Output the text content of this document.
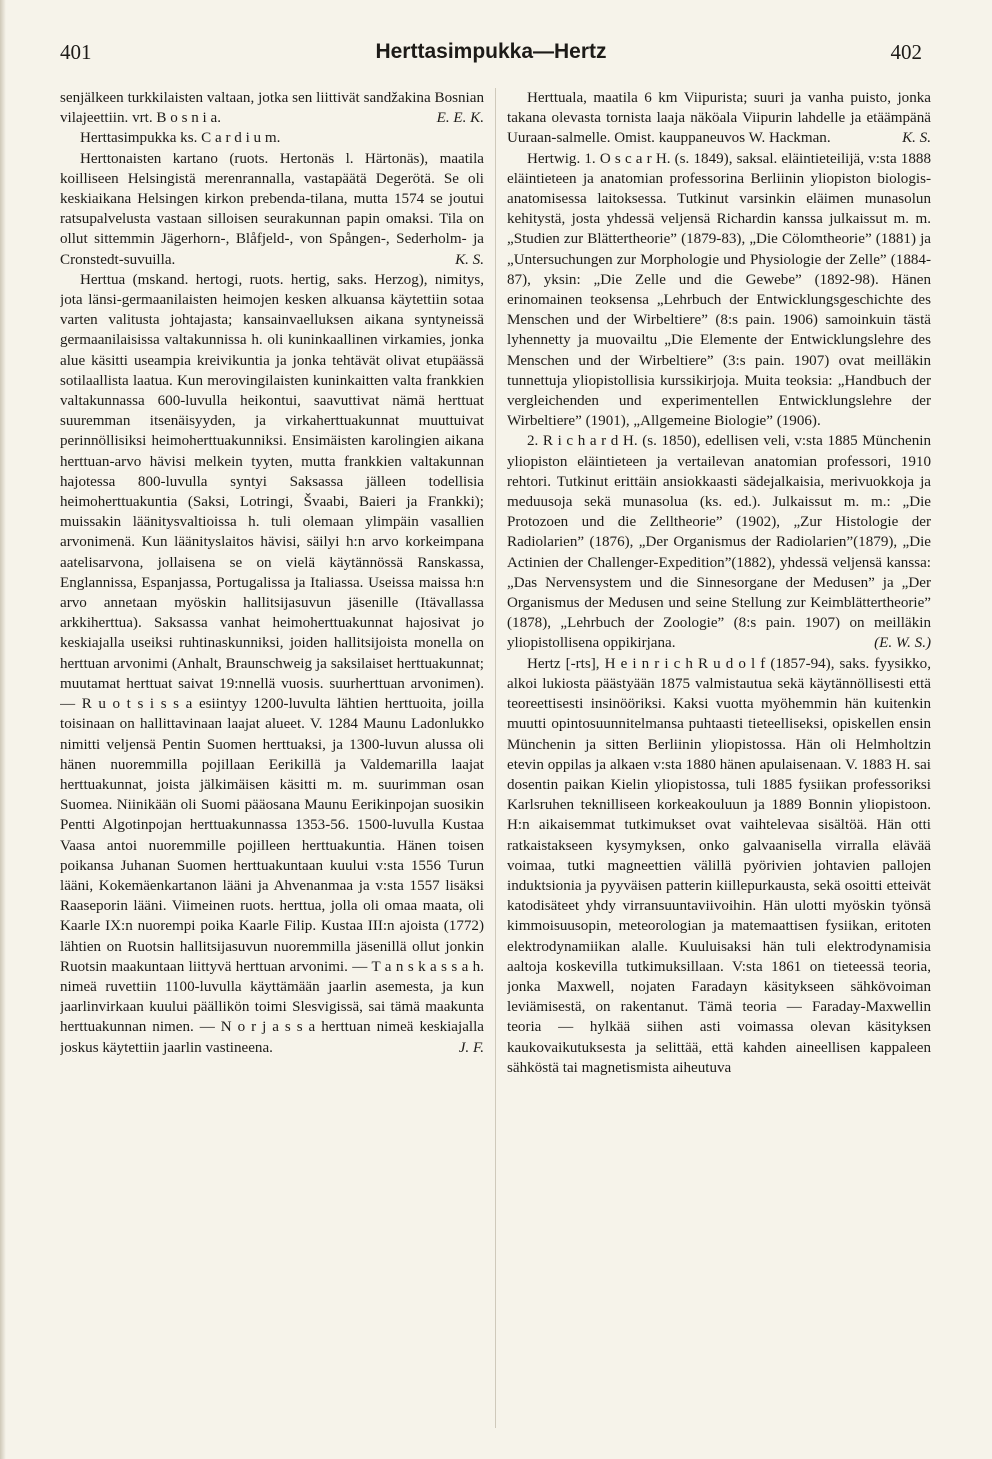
401	Herttasimpukka—Hertz	402

senjälkeen turkkilaisten valtaan, jotka sen liittivät sandžakina Bosnian vilajeettiin. vrt. B o s n i a.	E. E. K.

Herttasimpukka ks. C a r d i u m.

Herttonaisten kartano (ruots. Hertonäs l. Härtonäs), maatila koilliseen Helsingistä merenrannalla, vastapäätä Degerötä. Se oli keskiaikana Helsingen kirkon prebenda-tilana, mutta 1574 se joutui ratsupalvelusta vastaan silloisen seurakunnan papin omaksi. Tila on ollut sittemmin Jägerhorn-, Blåfjeld-, von Spången-, Sederholm- ja Cronstedt-suvuilla.	K. S.

Herttua (mskand. hertogi, ruots. hertig, saks. Herzog), nimitys, jota länsi-germaanilaisten heimojen kesken alkuansa käytettiin sotaa varten valitusta johtajasta; kansainvaelluksen aikana syntyneissä germaanilaisissa valtakunnissa h. oli kuninkaallinen virkamies, jonka alue käsitti useampia kreivikuntia ja jonka tehtävät olivat etupäässä sotilaallista laatua. Kun merovingilaisten kuninkaitten valta frankkien valtakunnassa 600-luvulla heikontui, saavuttivat nämä herttuat suuremman itsenäisyyden, ja virkaherttuakunnat muuttuivat perinnöllisiksi heimoherttuakunniksi. Ensimäisten karolingien aikana herttuan-arvo hävisi melkein tyyten, mutta frankkien valtakunnan hajotessa 800-luvulla syntyi Saksassa jälleen todellisia heimoherttuakuntia (Saksi, Lotringi, Švaabi, Baieri ja Frankki); muissakin läänitysvaltioissa h. tuli olemaan ylimpäin vasallien arvonimenä. Kun läänityslaitos hävisi, säilyi h:n arvo korkeimpana aatelisarvona, jollaisena se on vielä käytännössä Ranskassa, Englannissa, Espanjassa, Portugalissa ja Italiassa. Useissa maissa h:n arvo annetaan myöskin hallitsijasuvun jäsenille (Itävallassa arkkiherttua). Saksassa vanhat heimoherttuakunnat hajosivat jo keskiajalla useiksi ruhtinaskunniksi, joiden hallitsijoista monella on herttuan arvonimi (Anhalt, Braunschweig ja saksilaiset herttuakunnat; muutamat herttuat saivat 19:nnellä vuosis. suurherttuan arvonimen). — R u o t s i s s a esiintyy 1200-luvulta lähtien herttuoita, joilla toisinaan on hallittavinaan laajat alueet. V. 1284 Maunu Ladonlukko nimitti veljensä Pentin Suomen herttuaksi, ja 1300-luvun alussa oli hänen nuoremmilla pojillaan Eerikillä ja Valdemarilla laajat herttuakunnat, joista jälkimäisen käsitti m. m. suurimman osan Suomea. Niinikään oli Suomi pääosana Maunu Eerikinpojan suosikin Pentti Algotinpojan herttuakunnassa 1353-56. 1500-luvulla Kustaa Vaasa antoi nuoremmille pojilleen herttuakuntia. Hänen toisen poikansa Juhanan Suomen herttuakuntaan kuului v:sta 1556 Turun lääni, Kokemäenkartanon lääni ja Ahvenanmaa ja v:sta 1557 lisäksi Raaseporin lääni. Viimeinen ruots. herttua, jolla oli omaa maata, oli Kaarle IX:n nuorempi poika Kaarle Filip. Kustaa III:n ajoista (1772) lähtien on Ruotsin hallitsijasuvun nuoremmilla jäsenillä ollut jonkin Ruotsin maakuntaan liittyvä herttuan arvonimi. — T a n s k a s s a h. nimeä ruvettiin 1100-luvulla käyttämään jaarlin asemesta, ja kun jaarlinvirkaan kuului päällikön toimi Slesvigissä, sai tämä maakunta herttuakunnan nimen. — N o r j a s s a herttuan nimeä keskiajalla joskus käytettiin jaarlin vastineena.	J. F.

Herttuala, maatila 6 km Viipurista; suuri ja vanha puisto, jonka takana olevasta tornista laaja näköala Viipurin lahdelle ja etäämpänä Uuraan-salmelle. Omist. kauppaneuvos W. Hackman.	K. S.

Hertwig. 1. O s c a r H. (s. 1849), saksal. eläintieteilijä, v:sta 1888 eläintieteen ja anatomian professorina Berliinin yliopiston biologis-anatomisessa laitoksessa. Tutkinut varsinkin eläimen munasolun kehitystä, josta yhdessä veljensä Richardin kanssa julkaissut m. m. „Studien zur Blättertheorie” (1879-83), „Die Cölomtheorie” (1881) ja „Untersuchungen zur Morphologie und Physiologie der Zelle” (1884-87), yksin: „Die Zelle und die Gewebe” (1892-98). Hänen erinomainen teoksensa „Lehrbuch der Entwicklungsgeschichte des Menschen und der Wirbeltiere” (8:s pain. 1906) samoinkuin tästä lyhennetty ja muovailtu „Die Elemente der Entwicklungslehre des Menschen und der Wirbeltiere” (3:s pain. 1907) ovat meilläkin tunnettuja yliopistollisia kurssikirjoja. Muita teoksia: „Handbuch der vergleichenden und experimentellen Entwicklungslehre der Wirbeltiere” (1901), „Allgemeine Biologie” (1906).

2. R i c h a r d H. (s. 1850), edellisen veli, v:sta 1885 Münchenin yliopiston eläintieteen ja vertailevan anatomian professori, 1910 rehtori. Tutkinut erittäin ansiokkaasti sädejalkaisia, merivuokkoja ja meduusoja sekä munasolua (ks. ed.). Julkaissut m. m.: „Die Protozoen und die Zelltheorie” (1902), „Zur Histologie der Radiolarien” (1876), „Der Organismus der Radiolarien”(1879), „Die Actinien der Challenger-Expedition”(1882), yhdessä veljensä kanssa: „Das Nervensystem und die Sinnesorgane der Medusen” ja „Der Organismus der Medusen und seine Stellung zur Keimblättertheorie” (1878), „Lehrbuch der Zoologie” (8:s pain. 1907) on meilläkin yliopistollisena oppikirjana.	(E. W. S.)

Hertz [-rts], H e i n r i c h R u d o l f (1857-94), saks. fyysikko, alkoi lukiosta päästyään 1875 valmistautua sekä käytännöllisesti että teoreettisesti insinööriksi. Kaksi vuotta myöhemmin hän kuitenkin muutti opintosuunnitelmansa puhtaasti tieteelliseksi, opiskellen ensin Münchenin ja sitten Berliinin yliopistossa. Hän oli Helmholtzin etevin oppilas ja alkaen v:sta 1880 hänen apulaisenaan. V. 1883 H. sai dosentin paikan Kielin yliopistossa, tuli 1885 fysiikan professoriksi Karlsruhen teknilliseen korkeakouluun ja 1889 Bonnin yliopistoon. H:n aikaisemmat tutkimukset ovat vaihtelevaa sisältöä. Hän otti ratkaistakseen kysymyksen, onko galvaanisella virralla elävää voimaa, tutki magneettien välillä pyörivien johtavien pallojen induktsionia ja pyyväisen patterin kiillepurkausta, sekä osoitti etteivät katodisäteet yhdy virransuuntaviivoihin. Hän ulotti myöskin työnsä kimmoisuusopin, meteorologian ja matemaattisen fysiikan, eritoten elektrodynamiikan alalle. Kuuluisaksi hän tuli elektrodynamisia aaltoja koskevilla tutkimuksillaan. V:sta 1861 on tieteessä teoria, jonka Maxwell, nojaten Faradayn käsitykseen sähkövoiman leviämisestä, on rakentanut. Tämä teoria — Faraday-Maxwellin teoria — hylkää siihen asti voimassa olevan käsityksen kaukovaikutuksesta ja selittää, että kahden aineellisen kappaleen sähköstä tai magnetismista aiheutuva
